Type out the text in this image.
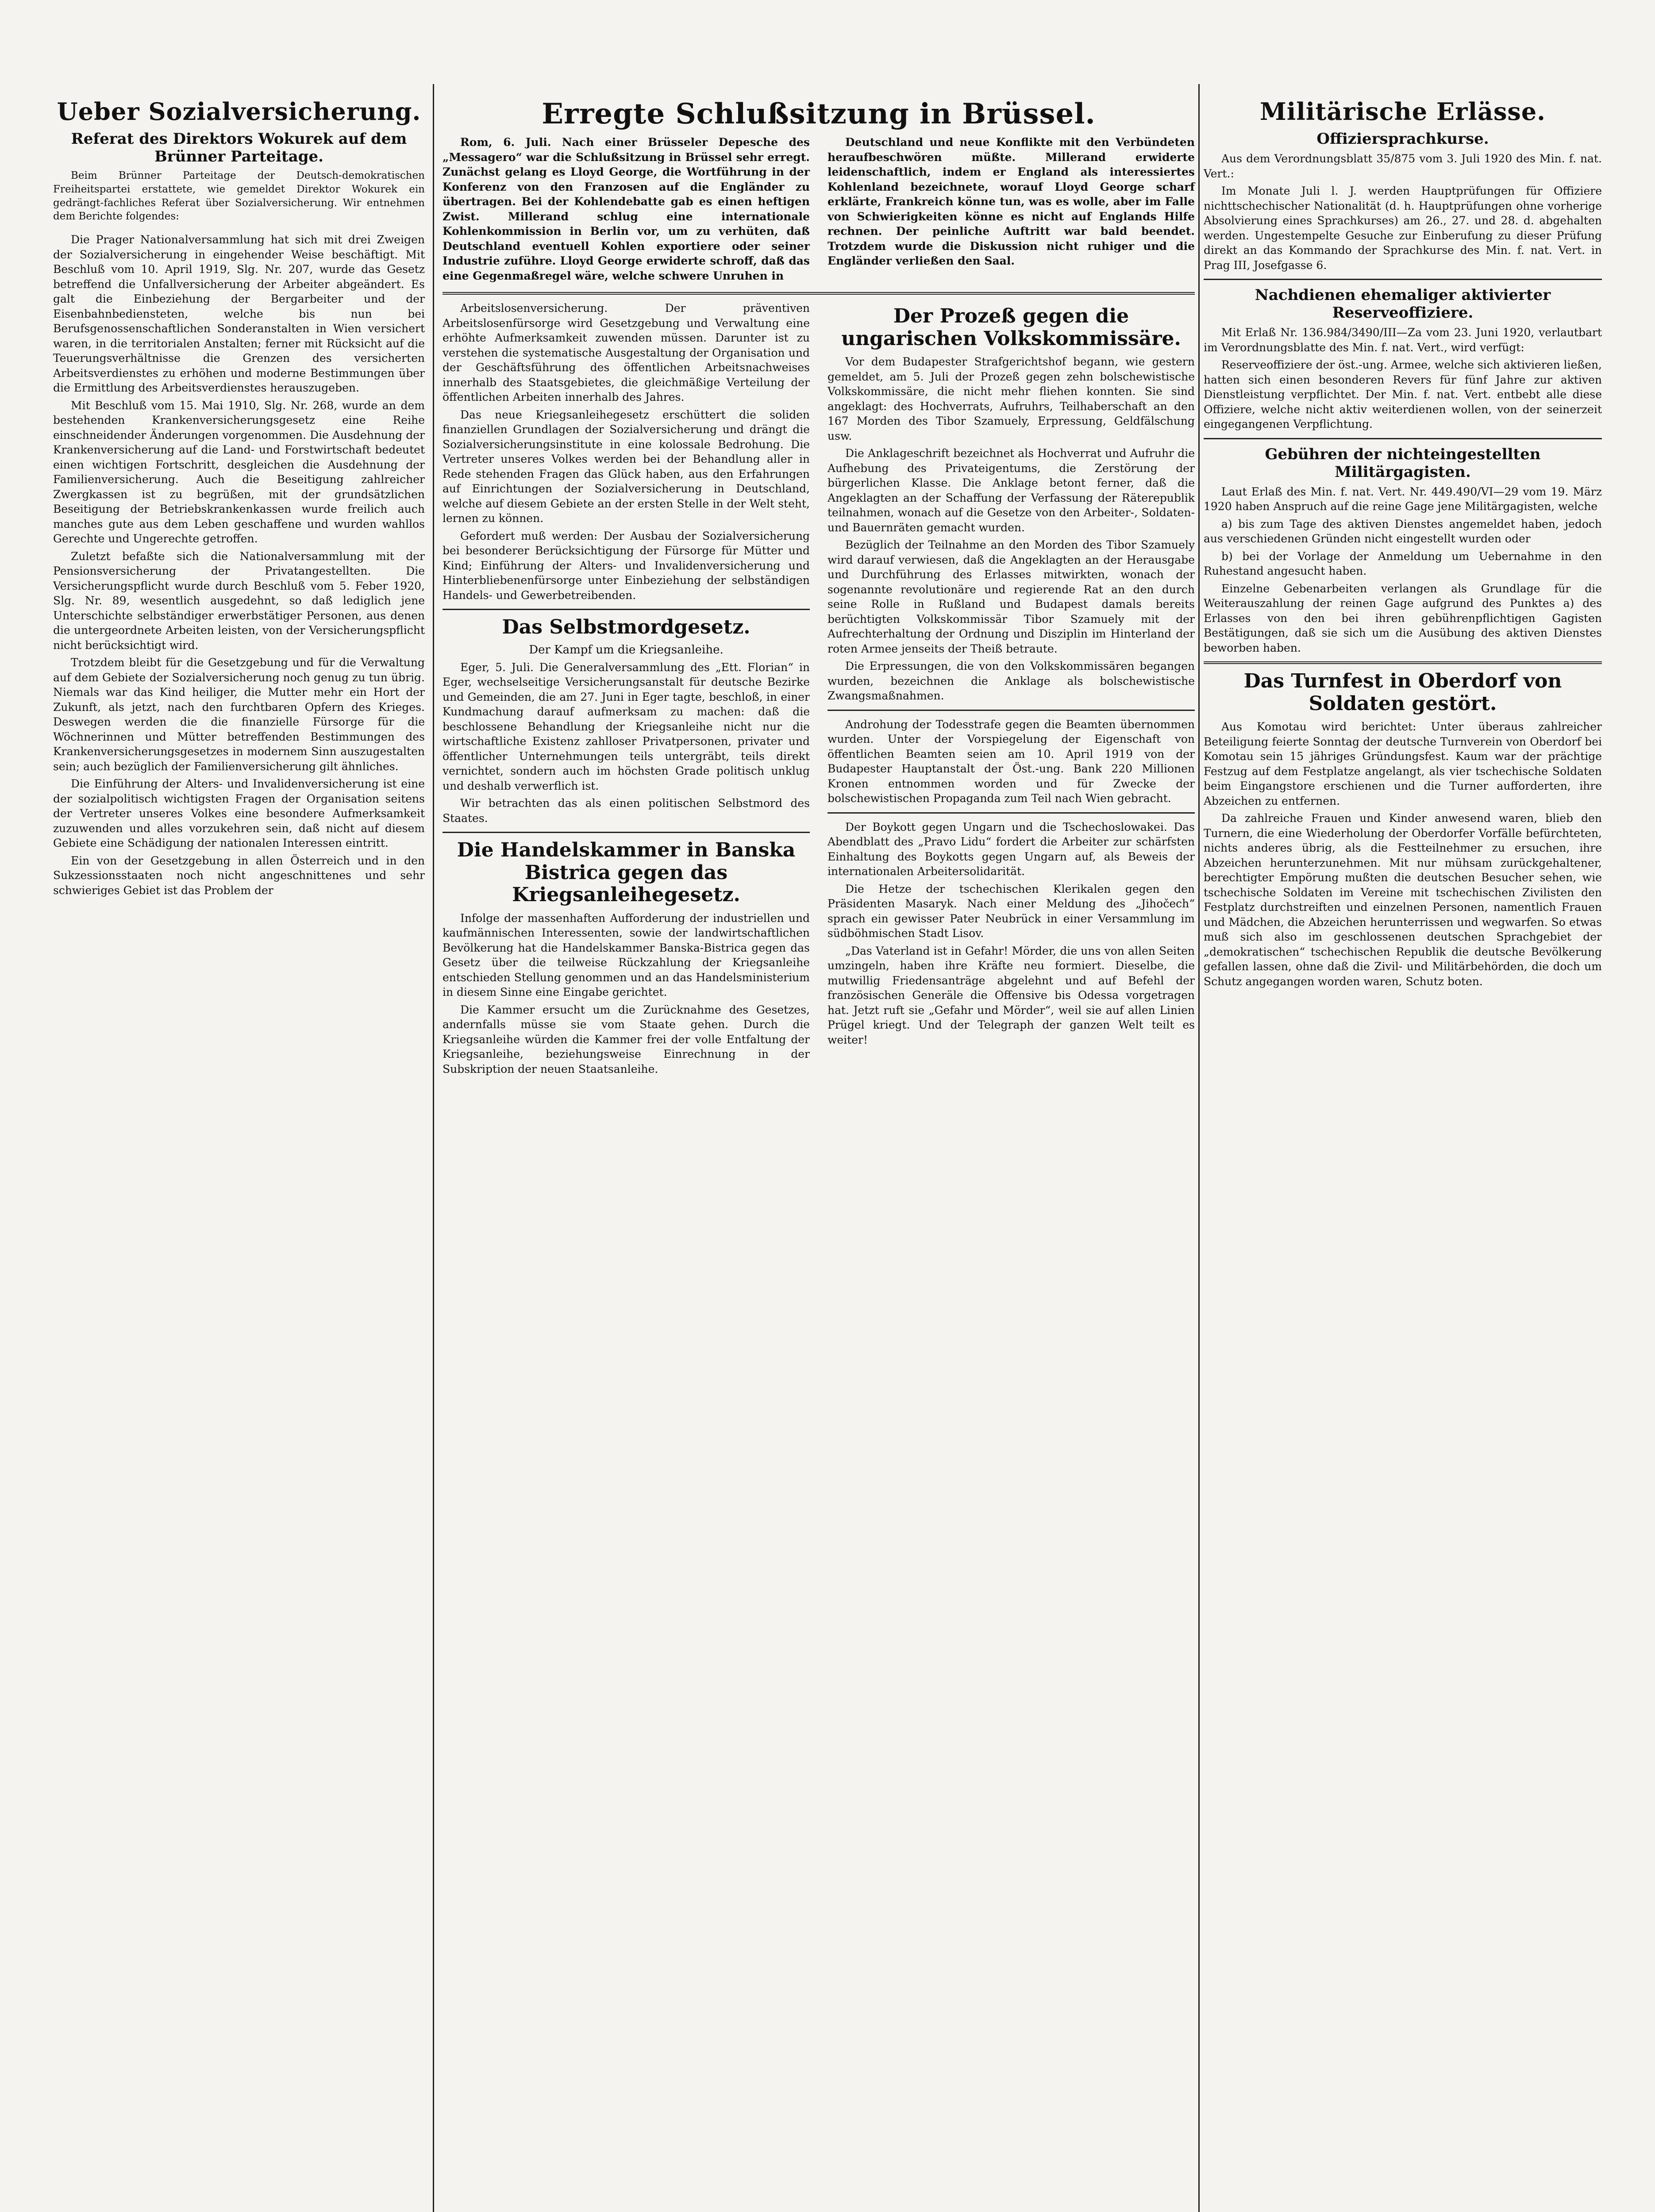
Ueber Sozialversicherung.
Referat des Direktors Wokurek auf dem Brünner Parteitage.

Beim Brünner Parteitage der Deutsch-demokratischen Freiheitspartei erstattete, wie gemeldet Direktor Wokurek ein gedrängt-fachliches Referat über Sozialversicherung. Wir entnehmen dem Berichte folgendes:

Die Prager Nationalversammlung hat sich mit drei Zweigen der Sozialversicherung in eingehender Weise beschäftigt. Mit Beschluß vom 10. April 1919, Slg. Nr. 207, wurde das Gesetz betreffend die Unfallversicherung der Arbeiter abgeändert. Es galt die Einbeziehung der Bergarbeiter und der Eisenbahnbediensteten, welche bis nun bei Berufsgenossenschaftlichen Sonderanstalten in Wien versichert waren, in die territorialen Anstalten; ferner mit Rücksicht auf die Teuerungsverhältnisse die Grenzen des versicherten Arbeitsverdienstes zu erhöhen und moderne Bestimmungen über die Ermittlung des Arbeitsverdienstes herauszugeben.

Mit Beschluß vom 15. Mai 1910, Slg. Nr. 268, wurde an dem bestehenden Krankenversicherungsgesetz eine Reihe einschneidender Änderungen vorgenommen. Die Ausdehnung der Krankenversicherung auf die Land- und Forstwirtschaft bedeutet einen wichtigen Fortschritt, desgleichen die Ausdehnung der Familienversicherung. Auch die Beseitigung zahlreicher Zwergkassen ist zu begrüßen, mit der grundsätzlichen Beseitigung der Betriebskrankenkassen wurde freilich auch manches gute aus dem Leben geschaffene und wurden wahllos Gerechte und Ungerechte getroffen.

Zuletzt befaßte sich die Nationalversammlung mit der Pensionsversicherung der Privatangestellten. Die Versicherungspflicht wurde durch Beschluß vom 5. Feber 1920, Slg. Nr. 89, wesentlich ausgedehnt, so daß lediglich jene Unterschichte selbständiger erwerbstätiger Personen, aus denen die untergeordnete Arbeiten leisten, von der Versicherungspflicht nicht berücksichtigt wird.

Trotzdem bleibt für die Gesetzgebung und für die Verwaltung auf dem Gebiete der Sozialversicherung noch genug zu tun übrig. Niemals war das Kind heiliger, die Mutter mehr ein Hort der Zukunft, als jetzt, nach den furchtbaren Opfern des Krieges. Deswegen werden die die finanzielle Fürsorge für die Wöchnerinnen und Mütter betreffenden Bestimmungen des Krankenversicherungsgesetzes in modernem Sinn auszugestalten sein; auch bezüglich der Familienversicherung gilt ähnliches.

Die Einführung der Alters- und Invalidenversicherung ist eine der sozialpolitisch wichtigsten Fragen der Organisation seitens der Vertreter unseres Volkes eine besondere Aufmerksamkeit zuzuwenden und alles vorzukehren sein, daß nicht auf diesem Gebiete eine Schädigung der nationalen Interessen eintritt.

Ein von der Gesetzgebung in allen Österreich und in den Sukzessionsstaaten noch nicht angeschnittenes und sehr schwieriges Gebiet ist das Problem der

Erregte Schlußsitzung in Brüssel.

Rom, 6. Juli. Nach einer Brüsseler Depesche des „Messagero“ war die Schlußsitzung in Brüssel sehr erregt. Zunächst gelang es Lloyd George, die Wortführung in der Konferenz von den Franzosen auf die Engländer zu übertragen. Bei der Kohlendebatte gab es einen heftigen Zwist. Millerand schlug eine internationale Kohlenkommission in Berlin vor, um zu verhüten, daß Deutschland eventuell Kohlen exportiere oder seiner Industrie zuführe. Lloyd George erwiderte schroff, daß das eine Gegenmaßregel wäre, welche schwere Unruhen in

Deutschland und neue Konflikte mit den Verbündeten heraufbeschwören müßte. Millerand erwiderte leidenschaftlich, indem er England als interessiertes Kohlenland bezeichnete, worauf Lloyd George scharf erklärte, Frankreich könne tun, was es wolle, aber im Falle von Schwierigkeiten könne es nicht auf Englands Hilfe rechnen. Der peinliche Auftritt war bald beendet. Trotzdem wurde die Diskussion nicht ruhiger und die Engländer verließen den Saal.

Arbeitslosenversicherung. Der präventiven Arbeitslosenfürsorge wird Gesetzgebung und Verwaltung eine erhöhte Aufmerksamkeit zuwenden müssen. Darunter ist zu verstehen die systematische Ausgestaltung der Organisation und der Geschäftsführung des öffentlichen Arbeitsnachweises innerhalb des Staatsgebietes, die gleichmäßige Verteilung der öffentlichen Arbeiten innerhalb des Jahres.

Das neue Kriegsanleihegesetz erschüttert die soliden finanziellen Grundlagen der Sozialversicherung und drängt die Sozialversicherungsinstitute in eine kolossale Bedrohung. Die Vertreter unseres Volkes werden bei der Behandlung aller in Rede stehenden Fragen das Glück haben, aus den Erfahrungen auf Einrichtungen der Sozialversicherung in Deutschland, welche auf diesem Gebiete an der ersten Stelle in der Welt steht, lernen zu können.

Gefordert muß werden: Der Ausbau der Sozialversicherung bei besonderer Berücksichtigung der Fürsorge für Mütter und Kind; Einführung der Alters- und Invalidenversicherung und Hinterbliebenenfürsorge unter Einbeziehung der selbständigen Handels- und Gewerbetreibenden.

Das Selbstmordgesetz.
Der Kampf um die Kriegsanleihe.

Eger, 5. Juli. Die Generalversammlung des „Ett. Florian“ in Eger, wechselseitige Versicherungsanstalt für deutsche Bezirke und Gemeinden, die am 27. Juni in Eger tagte, beschloß, in einer Kundmachung darauf aufmerksam zu machen: daß die beschlossene Behandlung der Kriegsanleihe nicht nur die wirtschaftliche Existenz zahlloser Privatpersonen, privater und öffentlicher Unternehmungen teils untergräbt, teils direkt vernichtet, sondern auch im höchsten Grade politisch unklug und deshalb verwerflich ist.

Wir betrachten das als einen politischen Selbstmord des Staates.

Die Handelskammer in Banska Bistrica gegen das Kriegsanleihegesetz.

Infolge der massenhaften Aufforderung der industriellen und kaufmännischen Interessenten, sowie der landwirtschaftlichen Bevölkerung hat die Handelskammer Banska-Bistrica gegen das Gesetz über die teilweise Rückzahlung der Kriegsanleihe entschieden Stellung genommen und an das Handelsministerium in diesem Sinne eine Eingabe gerichtet.

Die Kammer ersucht um die Zurücknahme des Gesetzes, andernfalls müsse sie vom Staate gehen. Durch die Kriegsanleihe würden die Kammer frei der volle Entfaltung der Kriegsanleihe, beziehungsweise Einrechnung in der Subskription der neuen Staatsanleihe.

Der Prozeß gegen die ungarischen Volkskommissäre.

Vor dem Budapester Strafgerichtshof begann, wie gestern gemeldet, am 5. Juli der Prozeß gegen zehn bolschewistische Volkskommissäre, die nicht mehr fliehen konnten. Sie sind angeklagt: des Hochverrats, Aufruhrs, Teilhaberschaft an den 167 Morden des Tibor Szamuely, Erpressung, Geldfälschung usw.

Die Anklageschrift bezeichnet als Hochverrat und Aufruhr die Aufhebung des Privateigentums, die Zerstörung der bürgerlichen Klasse. Die Anklage betont ferner, daß die Angeklagten an der Schaffung der Verfassung der Räterepublik teilnahmen, wonach auf die Gesetze von den Arbeiter-, Soldaten- und Bauernräten gemacht wurden.

Bezüglich der Teilnahme an den Morden des Tibor Szamuely wird darauf verwiesen, daß die Angeklagten an der Herausgabe und Durchführung des Erlasses mitwirkten, wonach der sogenannte revolutionäre und regierende Rat an den durch seine Rolle in Rußland und Budapest damals bereits berüchtigten Volkskommissär Tibor Szamuely mit der Aufrechterhaltung der Ordnung und Disziplin im Hinterland der roten Armee jenseits der Theiß betraute.

Die Erpressungen, die von den Volkskommissären begangen wurden, bezeichnen die Anklage als bolschewistische Zwangsmaßnahmen.

Androhung der Todesstrafe gegen die Beamten übernommen wurden. Unter der Vorspiegelung der Eigenschaft von öffentlichen Beamten seien am 10. April 1919 von der Budapester Hauptanstalt der Öst.-ung. Bank 220 Millionen Kronen entnommen worden und für Zwecke der bolschewistischen Propaganda zum Teil nach Wien gebracht.

Der Boykott gegen Ungarn und die Tschechoslowakei. Das Abendblatt des „Pravo Lidu“ fordert die Arbeiter zur schärfsten Einhaltung des Boykotts gegen Ungarn auf, als Beweis der internationalen Arbeitersolidarität.

Die Hetze der tschechischen Klerikalen gegen den Präsidenten Masaryk. Nach einer Meldung des „Jihočech“ sprach ein gewisser Pater Neubrück in einer Versammlung im südböhmischen Stadt Lisov.

„Das Vaterland ist in Gefahr! Mörder, die uns von allen Seiten umzingeln, haben ihre Kräfte neu formiert. Dieselbe, die mutwillig Friedensanträge abgelehnt und auf Befehl der französischen Generäle die Offensive bis Odessa vorgetragen hat. Jetzt ruft sie „Gefahr und Mörder“, weil sie auf allen Linien Prügel kriegt. Und der Telegraph der ganzen Welt teilt es weiter!

Militärische Erlässe.
Offiziersprachkurse.

Aus dem Verordnungsblatt 35/875 vom 3. Juli 1920 des Min. f. nat. Vert.:

Im Monate Juli l. J. werden Hauptprüfungen für Offiziere nichttschechischer Nationalität (d. h. Hauptprüfungen ohne vorherige Absolvierung eines Sprachkurses) am 26., 27. und 28. d. abgehalten werden. Ungestempelte Gesuche zur Einberufung zu dieser Prüfung direkt an das Kommando der Sprachkurse des Min. f. nat. Vert. in Prag III, Josefgasse 6.

Nachdienen ehemaliger aktivierter Reserveoffiziere.

Mit Erlaß Nr. 136.984/3490/III—Za vom 23. Juni 1920, verlautbart im Verordnungsblatte des Min. f. nat. Vert., wird verfügt:

Reserveoffiziere der öst.-ung. Armee, welche sich aktivieren ließen, hatten sich einen besonderen Revers für fünf Jahre zur aktiven Dienstleistung verpflichtet. Der Min. f. nat. Vert. entbebt alle diese Offiziere, welche nicht aktiv weiterdienen wollen, von der seinerzeit eingegangenen Verpflichtung.

Gebühren der nichteingestellten Militärgagisten.

Laut Erlaß des Min. f. nat. Vert. Nr. 449.490/VI—29 vom 19. März 1920 haben Anspruch auf die reine Gage jene Militärgagisten, welche

a) bis zum Tage des aktiven Dienstes angemeldet haben, jedoch aus verschiedenen Gründen nicht eingestellt wurden oder

b) bei der Vorlage der Anmeldung um Uebernahme in den Ruhestand angesucht haben.

Einzelne Gebenarbeiten verlangen als Grundlage für die Weiterauszahlung der reinen Gage aufgrund des Punktes a) des Erlasses von den bei ihren gebührenpflichtigen Gagisten Bestätigungen, daß sie sich um die Ausübung des aktiven Dienstes beworben haben.

Das Turnfest in Oberdorf von Soldaten gestört.

Aus Komotau wird berichtet: Unter überaus zahlreicher Beteiligung feierte Sonntag der deutsche Turnverein von Oberdorf bei Komotau sein 15 jähriges Gründungsfest. Kaum war der prächtige Festzug auf dem Festplatze angelangt, als vier tschechische Soldaten beim Eingangstore erschienen und die Turner aufforderten, ihre Abzeichen zu entfernen.

Da zahlreiche Frauen und Kinder anwesend waren, blieb den Turnern, die eine Wiederholung der Oberdorfer Vorfälle befürchteten, nichts anderes übrig, als die Festteilnehmer zu ersuchen, ihre Abzeichen herunterzunehmen. Mit nur mühsam zurückgehaltener, berechtigter Empörung mußten die deutschen Besucher sehen, wie tschechische Soldaten im Vereine mit tschechischen Zivilisten den Festplatz durchstreiften und einzelnen Personen, namentlich Frauen und Mädchen, die Abzeichen herunterrissen und wegwarfen. So etwas muß sich also im geschlossenen deutschen Sprachgebiet der „demokratischen“ tschechischen Republik die deutsche Bevölkerung gefallen lassen, ohne daß die Zivil- und Militärbehörden, die doch um Schutz angegangen worden waren, Schutz boten.
